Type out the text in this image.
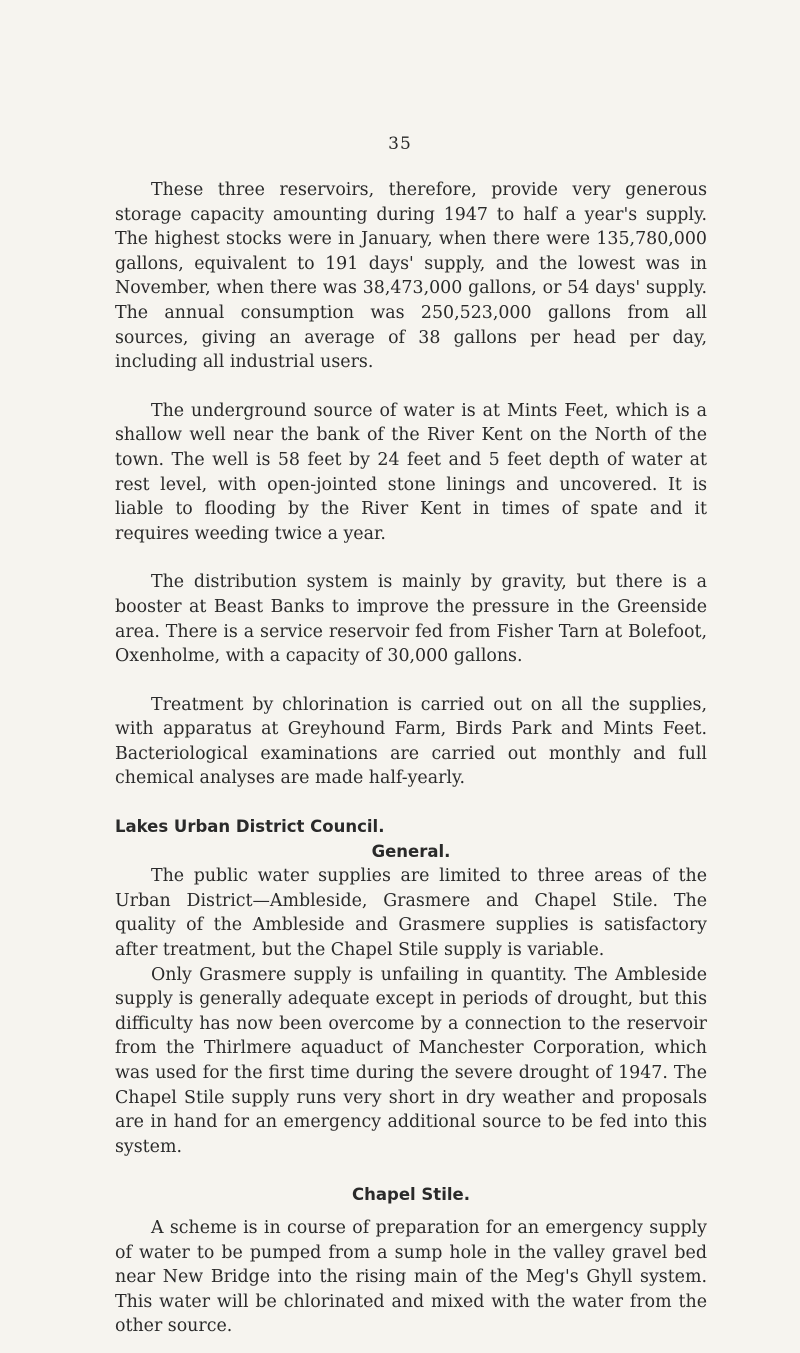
35

These three reservoirs, therefore, provide very generous storage capacity amounting during 1947 to half a year's supply. The highest stocks were in January, when there were 135,780,000 gallons, equivalent to 191 days' supply, and the lowest was in November, when there was 38,473,000 gallons, or 54 days' supply. The annual consumption was 250,523,000 gallons from all sources, giving an average of 38 gallons per head per day, including all industrial users.

The underground source of water is at Mints Feet, which is a shallow well near the bank of the River Kent on the North of the town. The well is 58 feet by 24 feet and 5 feet depth of water at rest level, with open-jointed stone linings and uncovered. It is liable to flooding by the River Kent in times of spate and it requires weeding twice a year.

The distribution system is mainly by gravity, but there is a booster at Beast Banks to improve the pressure in the Greenside area. There is a service reservoir fed from Fisher Tarn at Bolefoot, Oxenholme, with a capacity of 30,000 gallons.

Treatment by chlorination is carried out on all the supplies, with apparatus at Greyhound Farm, Birds Park and Mints Feet. Bacteriological examinations are carried out monthly and full chemical analyses are made half-yearly.

Lakes Urban District Council.
General.

The public water supplies are limited to three areas of the Urban District—Ambleside, Grasmere and Chapel Stile. The quality of the Ambleside and Grasmere supplies is satisfactory after treatment, but the Chapel Stile supply is variable.

Only Grasmere supply is unfailing in quantity. The Ambleside supply is generally adequate except in periods of drought, but this difficulty has now been overcome by a connection to the reservoir from the Thirlmere aquaduct of Manchester Corporation, which was used for the first time during the severe drought of 1947. The Chapel Stile supply runs very short in dry weather and proposals are in hand for an emergency additional source to be fed into this system.

Chapel Stile.

A scheme is in course of preparation for an emergency supply of water to be pumped from a sump hole in the valley gravel bed near New Bridge into the rising main of the Meg's Ghyll system. This water will be chlorinated and mixed with the water from the other source.
